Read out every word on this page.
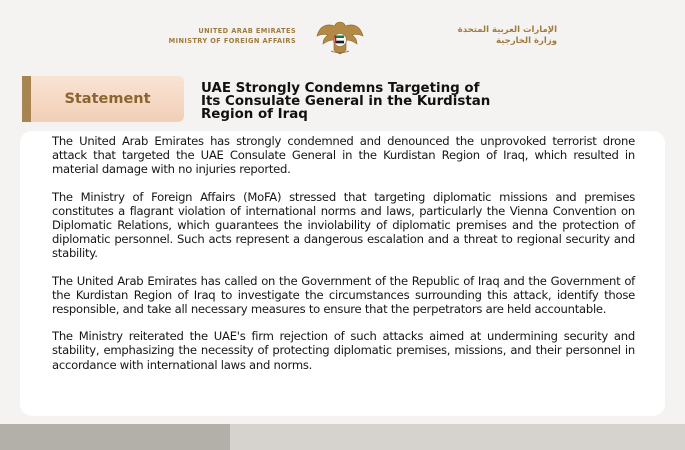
UNITED ARAB EMIRATES
MINISTRY OF FOREIGN AFFAIRS
الإمارات العربية المتحدة
وزارة الخارجية
Statement
UAE Strongly Condemns Targeting of
Its Consulate General in the Kurdistan
Region of Iraq

The United Arab Emirates has strongly condemned and denounced the unprovoked terrorist drone attack that targeted the UAE Consulate General in the Kurdistan Region of Iraq, which resulted in material damage with no injuries reported.

The Ministry of Foreign Affairs (MoFA) stressed that targeting diplomatic missions and premises constitutes a flagrant violation of international norms and laws, particularly the Vienna Convention on Diplomatic Relations, which guarantees the inviolability of diplomatic premises and the protection of diplomatic personnel. Such acts represent a dangerous escalation and a threat to regional security and stability.

The United Arab Emirates has called on the Government of the Republic of Iraq and the Government of the Kurdistan Region of Iraq to investigate the circumstances surrounding this attack, identify those responsible, and take all necessary measures to ensure that the perpetrators are held accountable.

The Ministry reiterated the UAE's firm rejection of such attacks aimed at undermining security and stability, emphasizing the necessity of protecting diplomatic premises, missions, and their personnel in accordance with international laws and norms.
